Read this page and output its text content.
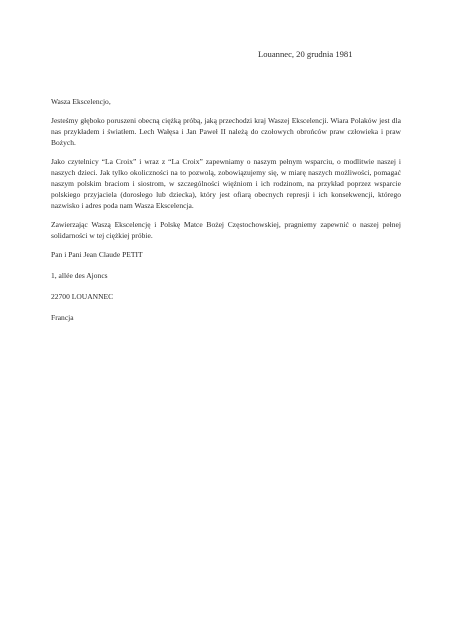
Louannec, 20 grudnia 1981

Wasza Ekscelencjo,

Jesteśmy głęboko poruszeni obecną ciężką próbą, jaką przechodzi kraj Waszej Ekscelencji. Wiara Polaków jest dla nas przykładem i światłem. Lech Wałęsa i Jan Paweł II należą do czołowych obrońców praw człowieka i praw Bożych.

Jako czytelnicy “La Croix” i wraz z “La Croix” zapewniamy o naszym pełnym wsparciu, o modlitwie naszej i naszych dzieci. Jak tylko okoliczności na to pozwolą, zobowiązujemy się, w miarę naszych możliwości, pomagać naszym polskim braciom i siostrom, w szczególności więźniom i ich rodzinom, na przykład poprzez wsparcie polskiego przyjaciela (dorosłego lub dziecka), który jest ofiarą obecnych represji i ich konsekwencji, którego nazwisko i adres poda nam Wasza Ekscelencja.

Zawierzając Waszą Ekscelencję i Polskę Matce Bożej Częstochowskiej, pragniemy zapewnić o naszej pełnej solidarności w tej ciężkiej próbie.

Pan i Pani Jean Claude PETIT

1, allée des Ajoncs

22700 LOUANNEC

Francja
